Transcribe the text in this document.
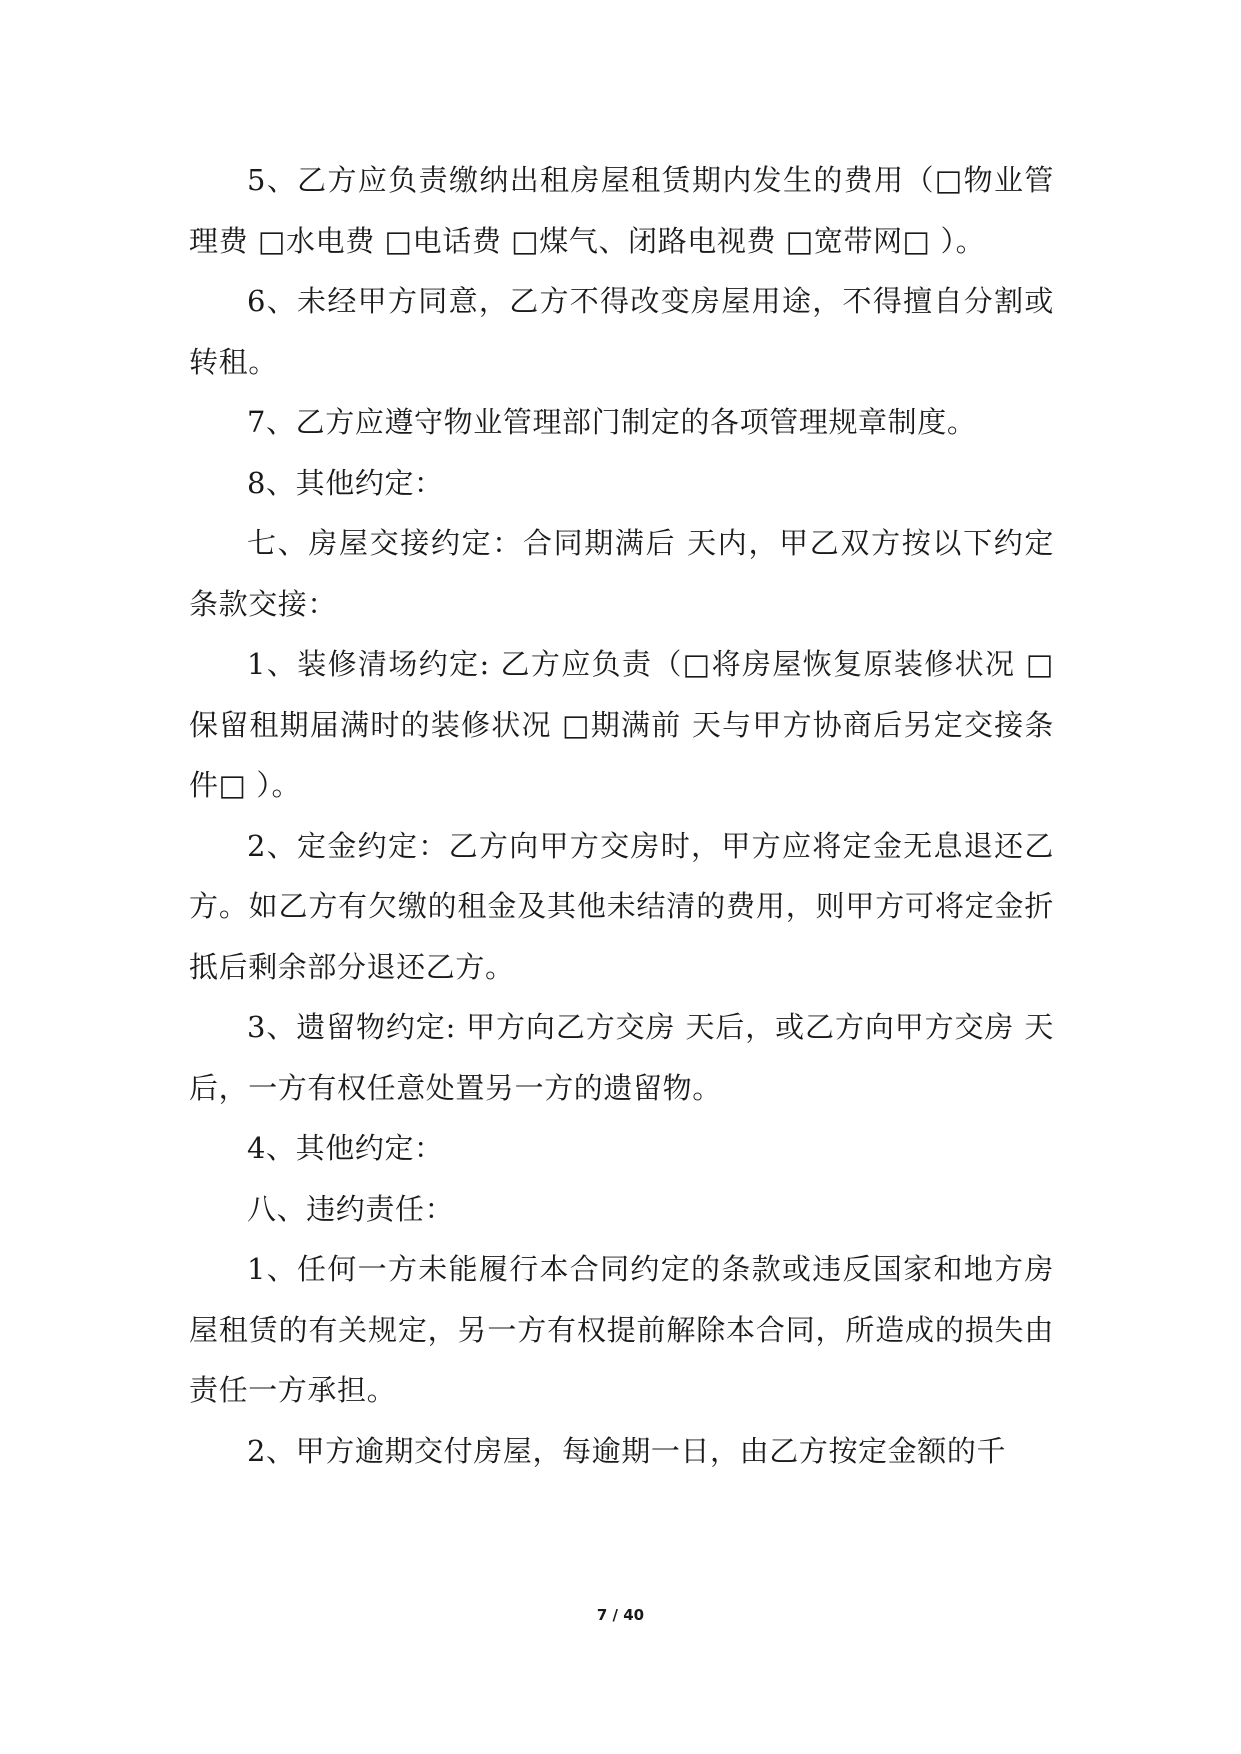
5、乙方应负责缴纳出租房屋租赁期内发生的费用（□物业管理费 □水电费 □电话费 □煤气、闭路电视费 □宽带网□ ）。

6、未经甲方同意，乙方不得改变房屋用途，不得擅自分割或转租。

7、乙方应遵守物业管理部门制定的各项管理规章制度。

8、其他约定：

七、房屋交接约定：合同期满后 天内，甲乙双方按以下约定条款交接：

1、装修清场约定: 乙方应负责（□将房屋恢复原装修状况 □保留租期届满时的装修状况 □期满前 天与甲方协商后另定交接条件□ ）。

2、定金约定：乙方向甲方交房时，甲方应将定金无息退还乙方。如乙方有欠缴的租金及其他未结清的费用，则甲方可将定金折抵后剩余部分退还乙方。

3、遗留物约定: 甲方向乙方交房 天后，或乙方向甲方交房 天后，一方有权任意处置另一方的遗留物。

4、其他约定：

八、违约责任：

1、任何一方未能履行本合同约定的条款或违反国家和地方房屋租赁的有关规定，另一方有权提前解除本合同，所造成的损失由责任一方承担。

2、甲方逾期交付房屋，每逾期一日，由乙方按定金额的千

7 / 40
